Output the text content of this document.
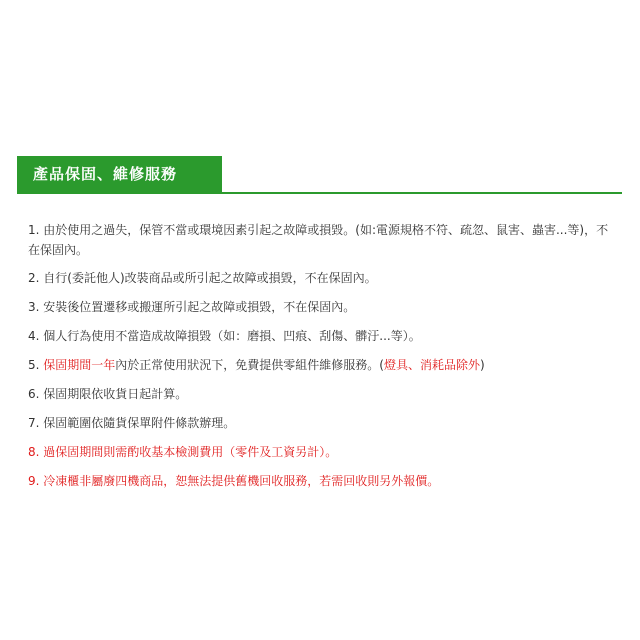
產品保固、維修服務
1. 由於使用之過失，保管不當或環境因素引起之故障或損毀。(如:電源規格不符、疏忽、鼠害、蟲害...等)，不在保固內。
2. 自行(委託他人)改裝商品或所引起之故障或損毀，不在保固內。
3. 安裝後位置遷移或搬運所引起之故障或損毀，不在保固內。
4. 個人行為使用不當造成故障損毀（如：磨損、凹痕、刮傷、髒汙...等）。
5. 保固期間一年內於正常使用狀況下，免費提供零組件維修服務。(燈具、消耗品除外)
6. 保固期限依收貨日起計算。
7. 保固範圍依隨貨保單附件條款辦理。
8. 過保固期間則需酌收基本檢測費用（零件及工資另計）。
9. 冷凍櫃非屬廢四機商品，恕無法提供舊機回收服務，若需回收則另外報價。
